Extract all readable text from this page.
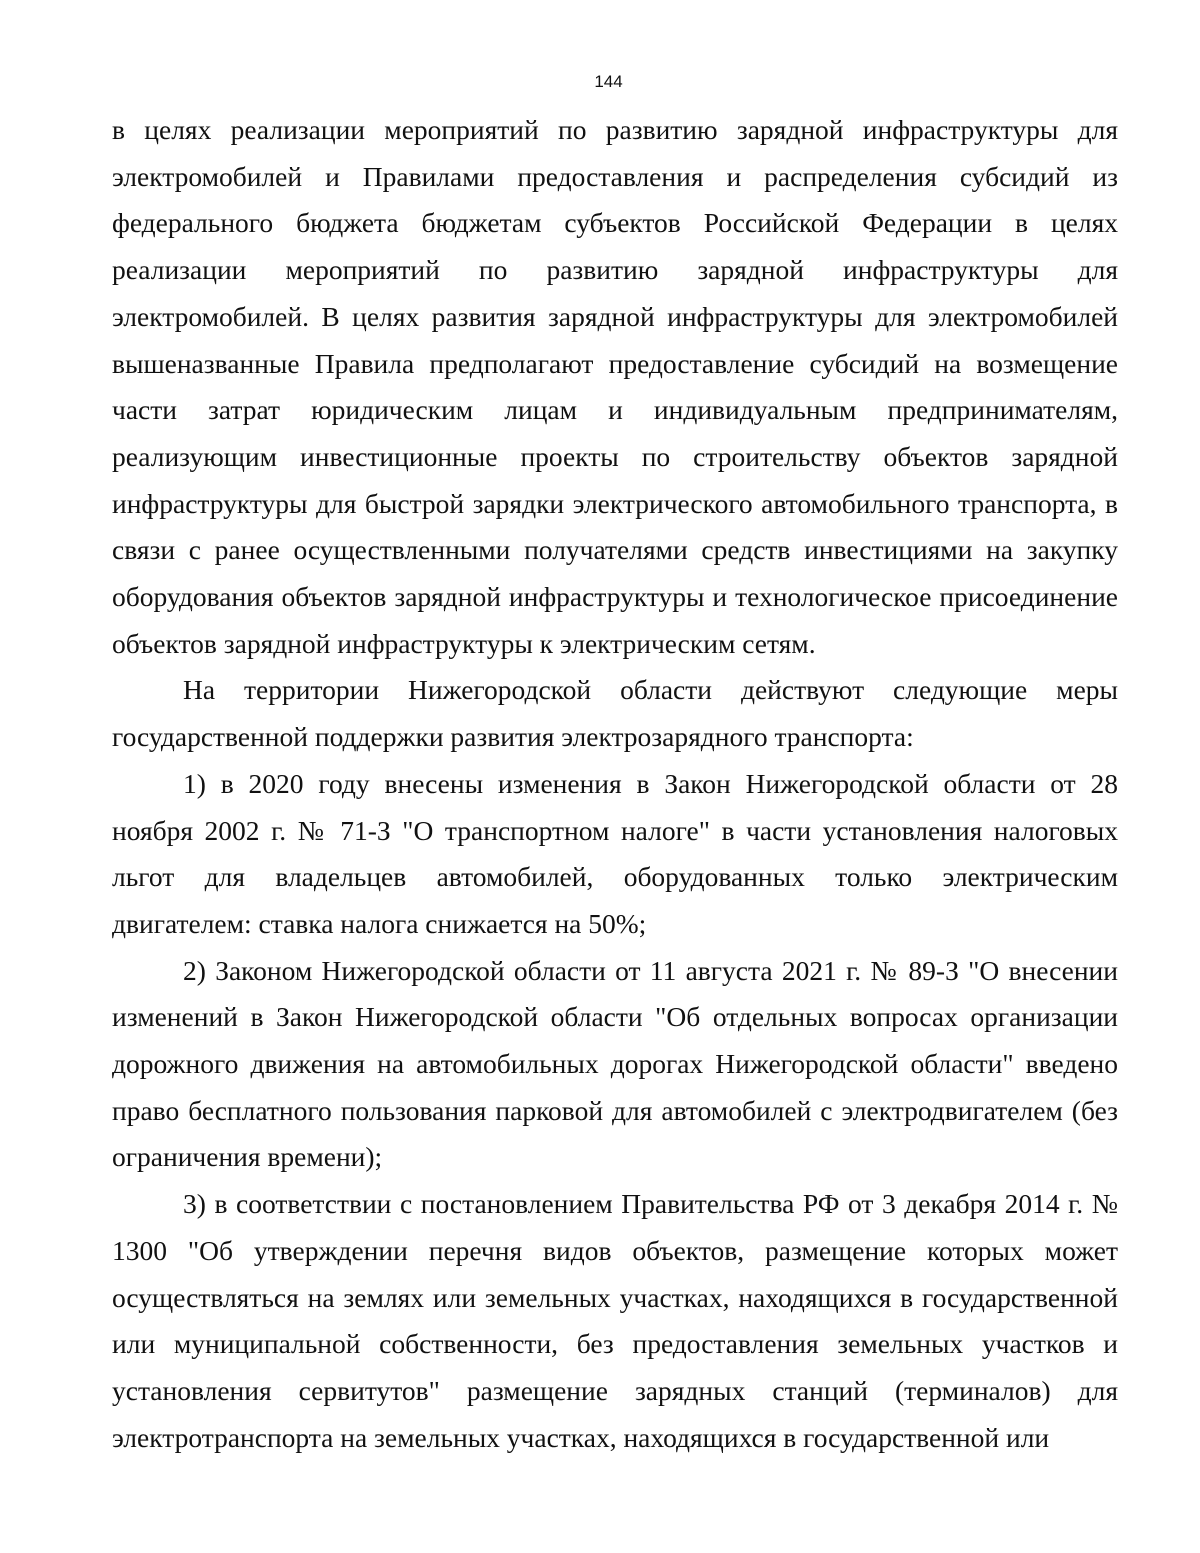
144

в целях реализации мероприятий по развитию зарядной инфраструктуры для электромобилей и Правилами предоставления и распределения субсидий из федерального бюджета бюджетам субъектов Российской Федерации в целях реализации мероприятий по развитию зарядной инфраструктуры для электромобилей. В целях развития зарядной инфраструктуры для электромобилей вышеназванные Правила предполагают предоставление субсидий на возмещение части затрат юридическим лицам и индивидуальным предпринимателям, реализующим инвестиционные проекты по строительству объектов зарядной инфраструктуры для быстрой зарядки электрического автомобильного транспорта, в связи с ранее осуществленными получателями средств инвестициями на закупку оборудования объектов зарядной инфраструктуры и технологическое присоединение объектов зарядной инфраструктуры к электрическим сетям.

На территории Нижегородской области действуют следующие меры государственной поддержки развития электрозарядного транспорта:

1) в 2020 году внесены изменения в Закон Нижегородской области от 28 ноября 2002 г. № 71-З "О транспортном налоге" в части установления налоговых льгот для владельцев автомобилей, оборудованных только электрическим двигателем: ставка налога снижается на 50%;

2) Законом Нижегородской области от 11 августа 2021 г. № 89-З "О внесении изменений в Закон Нижегородской области "Об отдельных вопросах организации дорожного движения на автомобильных дорогах Нижегородской области" введено право бесплатного пользования парковой для автомобилей с электродвигателем (без ограничения времени);

3) в соответствии с постановлением Правительства РФ от 3 декабря 2014 г. № 1300 "Об утверждении перечня видов объектов, размещение которых может осуществляться на землях или земельных участках, находящихся в государственной или муниципальной собственности, без предоставления земельных участков и установления сервитутов" размещение зарядных станций (терминалов) для электротранспорта на земельных участках, находящихся в государственной или
